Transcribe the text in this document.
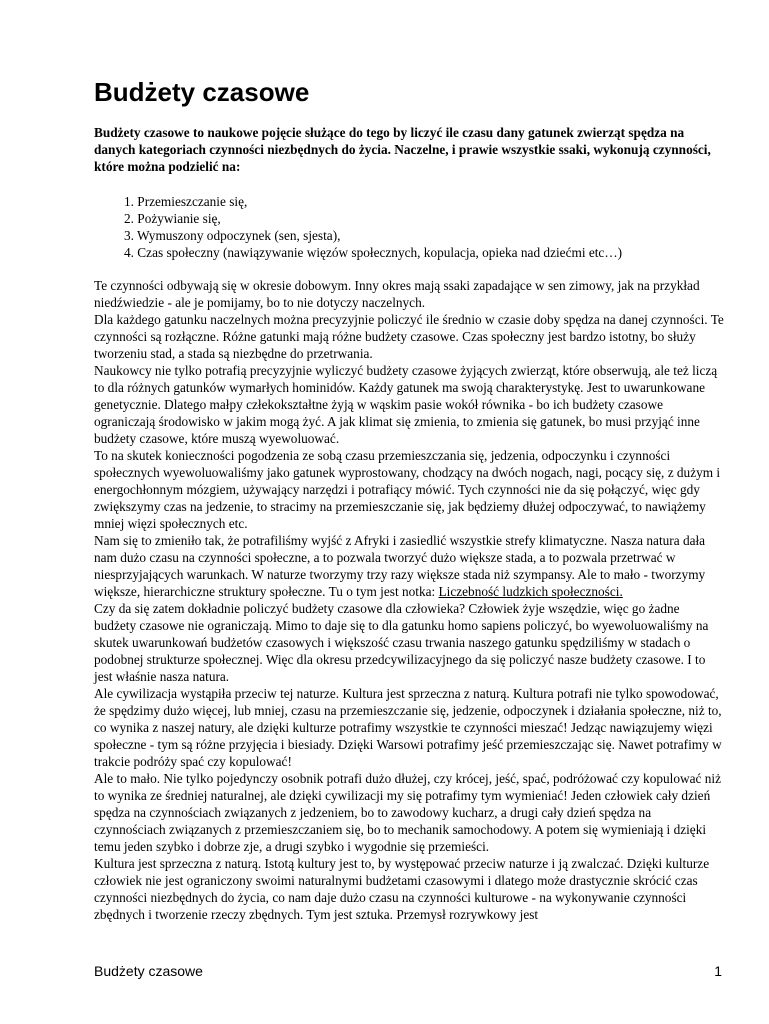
Budżety czasowe

Budżety czasowe to naukowe pojęcie służące do tego by liczyć ile czasu dany gatunek zwierząt spędza na danych kategoriach czynności niezbędnych do życia. Naczelne, i prawie wszystkie ssaki, wykonują czynności, które można podzielić na:

1. Przemieszczanie się,
2. Pożywianie się,
3. Wymuszony odpoczynek (sen, sjesta),
4. Czas społeczny (nawiązywanie więzów społecznych, kopulacja, opieka nad dziećmi etc…)

Te czynności odbywają się w okresie dobowym. Inny okres mają ssaki zapadające w sen zimowy, jak na przykład niedźwiedzie - ale je pomijamy, bo to nie dotyczy naczelnych.

Dla każdego gatunku naczelnych można precyzyjnie policzyć ile średnio w czasie doby spędza na danej czynności. Te czynności są rozłączne. Różne gatunki mają różne budżety czasowe. Czas społeczny jest bardzo istotny, bo służy tworzeniu stad, a stada są niezbędne do przetrwania.

Naukowcy nie tylko potrafią precyzyjnie wyliczyć budżety czasowe żyjących zwierząt, które obserwują, ale też liczą to dla różnych gatunków wymarłych hominidów. Każdy gatunek ma swoją charakterystykę. Jest to uwarunkowane genetycznie. Dlatego małpy człekokształtne żyją w wąskim pasie wokół równika - bo ich budżety czasowe ograniczają środowisko w jakim mogą żyć. A jak klimat się zmienia, to zmienia się gatunek, bo musi przyjąć inne budżety czasowe, które muszą wyewoluować.

To na skutek konieczności pogodzenia ze sobą czasu przemieszczania się, jedzenia, odpoczynku i czynności społecznych wyewoluowaliśmy jako gatunek wyprostowany, chodzący na dwóch nogach, nagi, pocący się, z dużym i energochłonnym mózgiem, używający narzędzi i potrafiący mówić. Tych czynności nie da się połączyć, więc gdy zwiększymy czas na jedzenie, to stracimy na przemieszczanie się, jak będziemy dłużej odpoczywać, to nawiążemy mniej więzi społecznych etc.

Nam się to zmieniło tak, że potrafiliśmy wyjść z Afryki i zasiedlić wszystkie strefy klimatyczne. Nasza natura dała nam dużo czasu na czynności społeczne, a to pozwala tworzyć dużo większe stada, a to pozwala przetrwać w niesprzyjających warunkach. W naturze tworzymy trzy razy większe stada niż szympansy. Ale to mało - tworzymy większe, hierarchiczne struktury społeczne. Tu o tym jest notka: Liczebność ludzkich społeczności.

Czy da się zatem dokładnie policzyć budżety czasowe dla człowieka? Człowiek żyje wszędzie, więc go żadne budżety czasowe nie ograniczają. Mimo to daje się to dla gatunku homo sapiens policzyć, bo wyewoluowaliśmy na skutek uwarunkowań budżetów czasowych i większość czasu trwania naszego gatunku spędziliśmy w stadach o podobnej strukturze społecznej. Więc dla okresu przedcywilizacyjnego da się policzyć nasze budżety czasowe. I to jest właśnie nasza natura.

Ale cywilizacja wystąpiła przeciw tej naturze. Kultura jest sprzeczna z naturą. Kultura potrafi nie tylko spowodować, że spędzimy dużo więcej, lub mniej, czasu na przemieszczanie się, jedzenie, odpoczynek i działania społeczne, niż to, co wynika z naszej natury, ale dzięki kulturze potrafimy wszystkie te czynności mieszać! Jedząc nawiązujemy więzi społeczne - tym są różne przyjęcia i biesiady. Dzięki Warsowi potrafimy jeść przemieszczając się. Nawet potrafimy w trakcie podróży spać czy kopulować!

Ale to mało. Nie tylko pojedynczy osobnik potrafi dużo dłużej, czy krócej, jeść, spać, podróżować czy kopulować niż to wynika ze średniej naturalnej, ale dzięki cywilizacji my się potrafimy tym wymieniać! Jeden człowiek cały dzień spędza na czynnościach związanych z jedzeniem, bo to zawodowy kucharz, a drugi cały dzień spędza na czynnościach związanych z przemieszczaniem się, bo to mechanik samochodowy. A potem się wymieniają i dzięki temu jeden szybko i dobrze zje, a drugi szybko i wygodnie się przemieści.

Kultura jest sprzeczna z naturą. Istotą kultury jest to, by występować przeciw naturze i ją zwalczać. Dzięki kulturze człowiek nie jest ograniczony swoimi naturalnymi budżetami czasowymi i dlatego może drastycznie skrócić czas czynności niezbędnych do życia, co nam daje dużo czasu na czynności kulturowe - na wykonywanie czynności zbędnych i tworzenie rzeczy zbędnych. Tym jest sztuka. Przemysł rozrywkowy jest

Budżety czasowe	1
